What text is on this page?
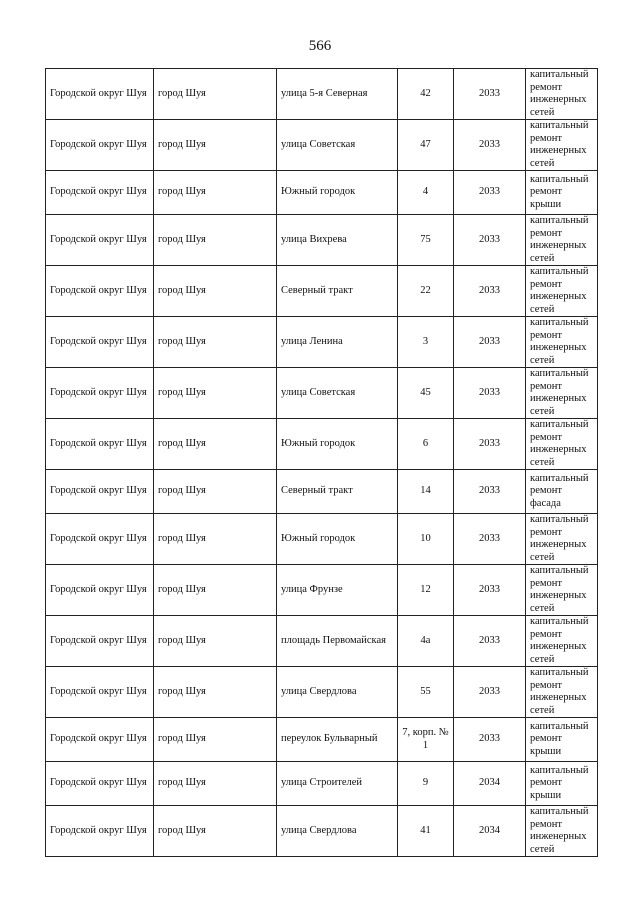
566
Городской округ Шуя	город Шуя	улица 5-я Северная	42	2033	капитальный ремонт инженерных сетей
Городской округ Шуя	город Шуя	улица Советская	47	2033	капитальный ремонт инженерных сетей
Городской округ Шуя	город Шуя	Южный городок	4	2033	капитальный ремонт крыши
Городской округ Шуя	город Шуя	улица Вихрева	75	2033	капитальный ремонт инженерных сетей
Городской округ Шуя	город Шуя	Северный тракт	22	2033	капитальный ремонт инженерных сетей
Городской округ Шуя	город Шуя	улица Ленина	3	2033	капитальный ремонт инженерных сетей
Городской округ Шуя	город Шуя	улица Советская	45	2033	капитальный ремонт инженерных сетей
Городской округ Шуя	город Шуя	Южный городок	6	2033	капитальный ремонт инженерных сетей
Городской округ Шуя	город Шуя	Северный тракт	14	2033	капитальный ремонт фасада
Городской округ Шуя	город Шуя	Южный городок	10	2033	капитальный ремонт инженерных сетей
Городской округ Шуя	город Шуя	улица Фрунзе	12	2033	капитальный ремонт инженерных сетей
Городской округ Шуя	город Шуя	площадь Первомайская	4а	2033	капитальный ремонт инженерных сетей
Городской округ Шуя	город Шуя	улица Свердлова	55	2033	капитальный ремонт инженерных сетей
Городской округ Шуя	город Шуя	переулок Бульварный	7, корп. № 1	2033	капитальный ремонт крыши
Городской округ Шуя	город Шуя	улица Строителей	9	2034	капитальный ремонт крыши
Городской округ Шуя	город Шуя	улица Свердлова	41	2034	капитальный ремонт инженерных сетей
